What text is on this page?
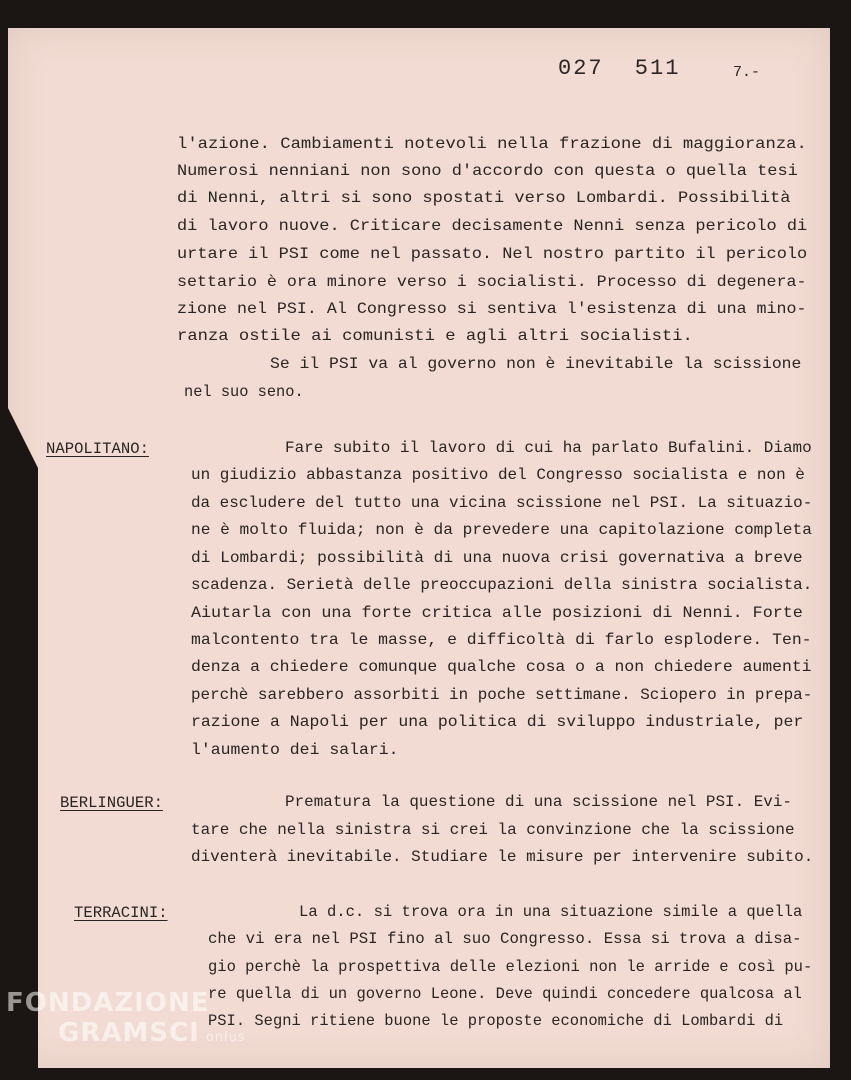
027 511	7.-
l'azione. Cambiamenti notevoli nella frazione di maggioranza.
Numerosi nenniani non sono d'accordo con questa o quella tesi
di Nenni, altri si sono spostati verso Lombardi. Possibilità
di lavoro nuove. Criticare decisamente Nenni senza pericolo di
urtare il PSI come nel passato. Nel nostro partito il pericolo
settario è ora minore verso i socialisti. Processo di degenera-
zione nel PSI. Al Congresso si sentiva l'esistenza di una mino-
ranza ostile ai comunisti e agli altri socialisti.
Se il PSI va al governo non è inevitabile la scissione
nel suo seno.
NAPOLITANO:	Fare subito il lavoro di cui ha parlato Bufalini. Diamo
un giudizio abbastanza positivo del Congresso socialista e non è
da escludere del tutto una vicina scissione nel PSI. La situazio-
ne è molto fluida; non è da prevedere una capitolazione completa
di Lombardi; possibilità di una nuova crisi governativa a breve
scadenza. Serietà delle preoccupazioni della sinistra socialista.
Aiutarla con una forte critica alle posizioni di Nenni. Forte
malcontento tra le masse, e difficoltà di farlo esplodere. Ten-
denza a chiedere comunque qualche cosa o a non chiedere aumenti
perchè sarebbero assorbiti in poche settimane. Sciopero in prepa-
razione a Napoli per una politica di sviluppo industriale, per
l'aumento dei salari.
BERLINGUER:	Prematura la questione di una scissione nel PSI. Evi-
tare che nella sinistra si crei la convinzione che la scissione
diventerà inevitabile. Studiare le misure per intervenire subito.
TERRACINI:	La d.c. si trova ora in una situazione simile a quella
che vi era nel PSI fino al suo Congresso. Essa si trova a disa-
gio perchè la prospettiva delle elezioni non le arride e così pu-
re quella di un governo Leone. Deve quindi concedere qualcosa al
PSI. Segni ritiene buone le proposte economiche di Lombardi di
FONDAZIONE
GRAMSCI onlus
